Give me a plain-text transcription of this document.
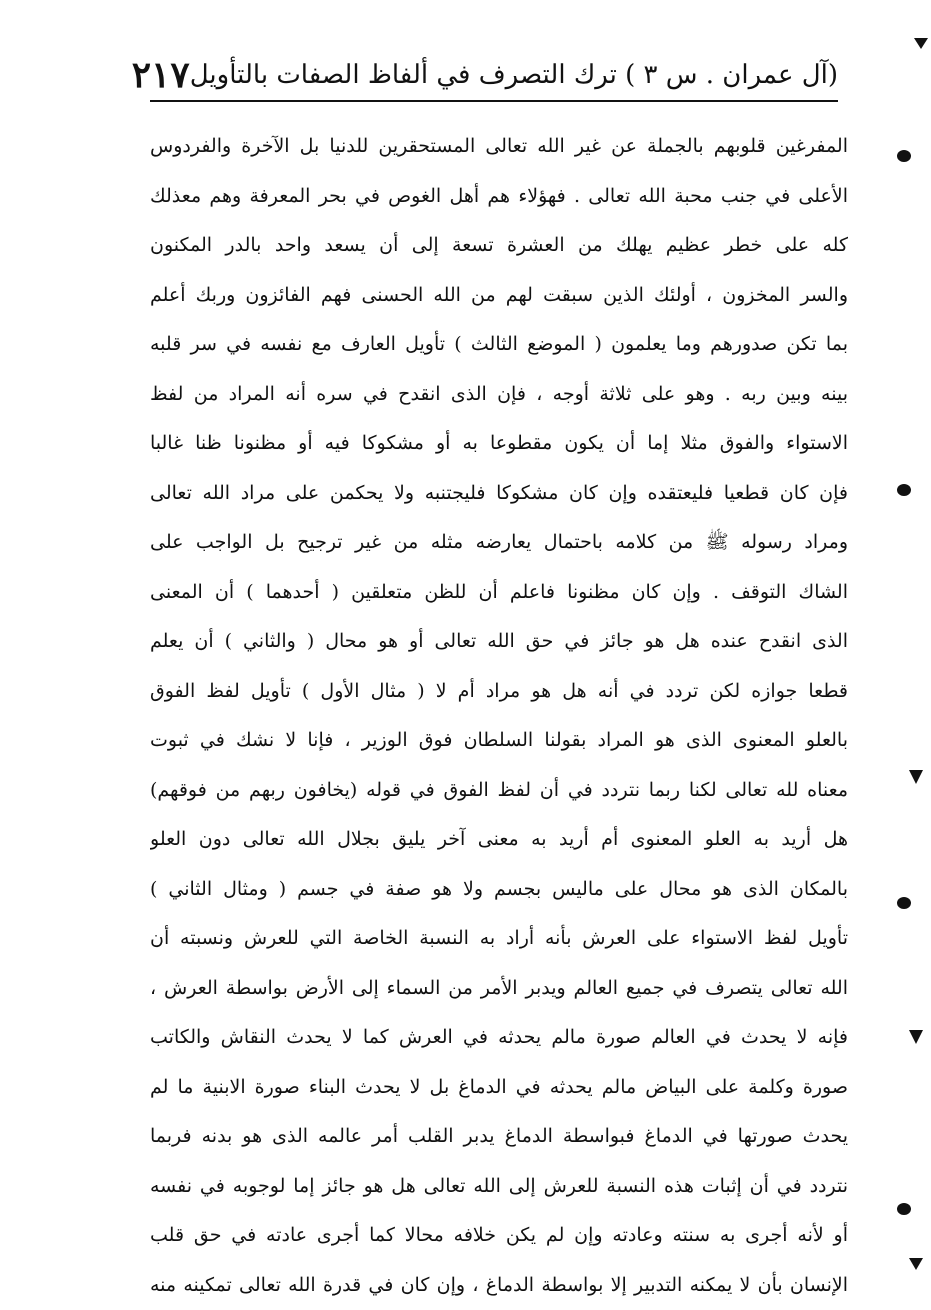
(آل عمران . س ٣ ) ترك التصرف في ألفاظ الصفات بالتأويل
٢١٧
المفرغين قلوبهم بالجملة عن غير الله تعالى المستحقرين للدنيا بل الآخرة والفردوس
الأعلى في جنب محبة الله تعالى . فهؤلاء هم أهل الغوص في بحر المعرفة وهم معذلك
كله على خطر عظيم يهلك من العشرة تسعة إلى أن يسعد واحد بالدر المكنون
والسر المخزون ، أولئك الذين سبقت لهم من الله الحسنى فهم الفائزون وربك أعلم
بما تكن صدورهم وما يعلمون ( الموضع الثالث ) تأويل العارف مع نفسه في سر قلبه
بينه وبين ربه . وهو على ثلاثة أوجه ، فإن الذى انقدح في سره أنه المراد من لفظ
الاستواء والفوق مثلا إما أن يكون مقطوعا به أو مشكوكا فيه أو مظنونا ظنا غالبا
فإن كان قطعيا فليعتقده وإن كان مشكوكا فليجتنبه ولا يحكمن على مراد الله تعالى
ومراد رسوله ﷺ من كلامه باحتمال يعارضه مثله من غير ترجيح بل الواجب على
الشاك التوقف . وإن كان مظنونا فاعلم أن للظن متعلقين ( أحدهما ) أن المعنى
الذى انقدح عنده هل هو جائز في حق الله تعالى أو هو محال ( والثاني ) أن يعلم
قطعا جوازه لكن تردد في أنه هل هو مراد أم لا ( مثال الأول ) تأويل لفظ الفوق
بالعلو المعنوى الذى هو المراد بقولنا السلطان فوق الوزير ، فإنا لا نشك في ثبوت
معناه لله تعالى لكنا ربما نتردد في أن لفظ الفوق في قوله (يخافون ربهم من فوقهم)
هل أريد به العلو المعنوى أم أريد به معنى آخر يليق بجلال الله تعالى دون العلو
بالمكان الذى هو محال على ماليس بجسم ولا هو صفة في جسم ( ومثال الثاني )
تأويل لفظ الاستواء على العرش بأنه أراد به النسبة الخاصة التي للعرش ونسبته أن
الله تعالى يتصرف في جميع العالم ويدبر الأمر من السماء إلى الأرض بواسطة العرش ،
فإنه لا يحدث في العالم صورة مالم يحدثه في العرش كما لا يحدث النقاش والكاتب
صورة وكلمة على البياض مالم يحدثه في الدماغ بل لا يحدث البناء صورة الابنية ما لم
يحدث صورتها في الدماغ فبواسطة الدماغ يدبر القلب أمر عالمه الذى هو بدنه فربما
نتردد في أن إثبات هذه النسبة للعرش إلى الله تعالى هل هو جائز إما لوجوبه في نفسه
أو لأنه أجرى به سنته وعادته وإن لم يكن خلافه محالا كما أجرى عادته في حق قلب
الإنسان بأن لا يمكنه التدبير إلا بواسطة الدماغ ، وإن كان في قدرة الله تعالى تمكينه منه
